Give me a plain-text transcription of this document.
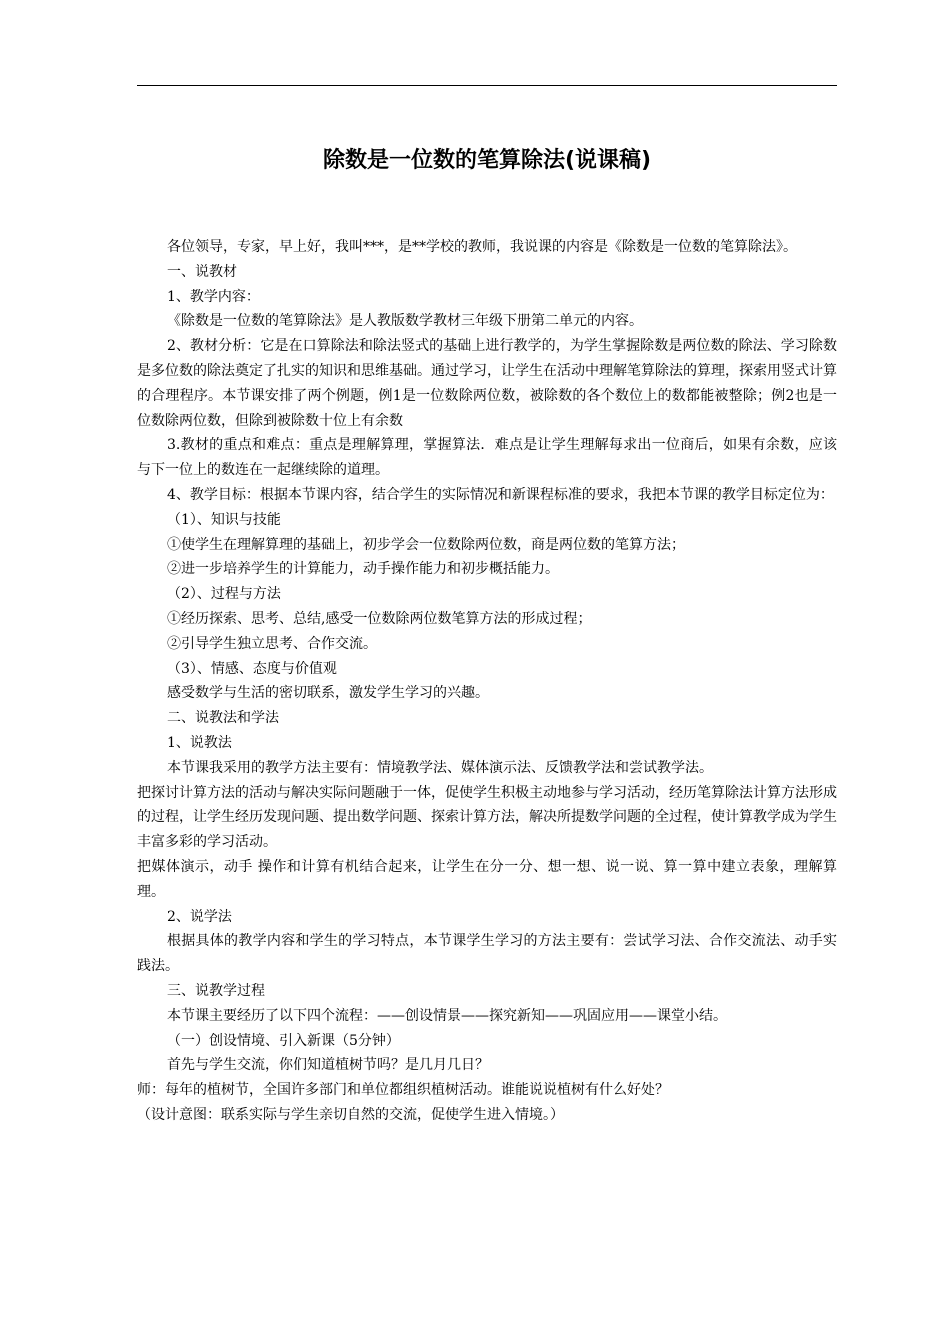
除数是一位数的笔算除法(说课稿)

各位领导，专家，早上好，我叫***，是**学校的教师，我说课的内容是《除数是一位数的笔算除法》。

一、说教材

1、教学内容：

《除数是一位数的笔算除法》是人教版数学教材三年级下册第二单元的内容。

2、教材分析：它是在口算除法和除法竖式的基础上进行教学的，为学生掌握除数是两位数的除法、学习除数是多位数的除法奠定了扎实的知识和思维基础。通过学习，让学生在活动中理解笔算除法的算理，探索用竖式计算的合理程序。本节课安排了两个例题，例1是一位数除两位数，被除数的各个数位上的数都能被整除；例2也是一位数除两位数，但除到被除数十位上有余数

3.教材的重点和难点：重点是理解算理，掌握算法．难点是让学生理解每求出一位商后，如果有余数，应该与下一位上的数连在一起继续除的道理。

4、教学目标：根据本节课内容，结合学生的实际情况和新课程标准的要求，我把本节课的教学目标定位为：

（1）、知识与技能

①使学生在理解算理的基础上，初步学会一位数除两位数，商是两位数的笔算方法；

②进一步培养学生的计算能力，动手操作能力和初步概括能力。

（2）、过程与方法

①经历探索、思考、总结,感受一位数除两位数笔算方法的形成过程；

②引导学生独立思考、合作交流。

（3）、情感、态度与价值观

感受数学与生活的密切联系，激发学生学习的兴趣。

二、说教法和学法

1、说教法

本节课我采用的教学方法主要有：情境教学法、媒体演示法、反馈教学法和尝试教学法。

把探讨计算方法的活动与解决实际问题融于一体，促使学生积极主动地参与学习活动，经历笔算除法计算方法形成的过程，让学生经历发现问题、提出数学问题、探索计算方法，解决所提数学问题的全过程，使计算教学成为学生丰富多彩的学习活动。

把媒体演示，动手 操作和计算有机结合起来，让学生在分一分、想一想、说一说、算一算中建立表象，理解算理。

2、说学法

根据具体的教学内容和学生的学习特点，本节课学生学习的方法主要有：尝试学习法、合作交流法、动手实践法。

三、说教学过程

本节课主要经历了以下四个流程：——创设情景——探究新知——巩固应用——课堂小结。

（一）创设情境、引入新课（5分钟）

首先与学生交流，你们知道植树节吗？是几月几日？

师：每年的植树节，全国许多部门和单位都组织植树活动。谁能说说植树有什么好处？

（设计意图：联系实际与学生亲切自然的交流，促使学生进入情境。）
